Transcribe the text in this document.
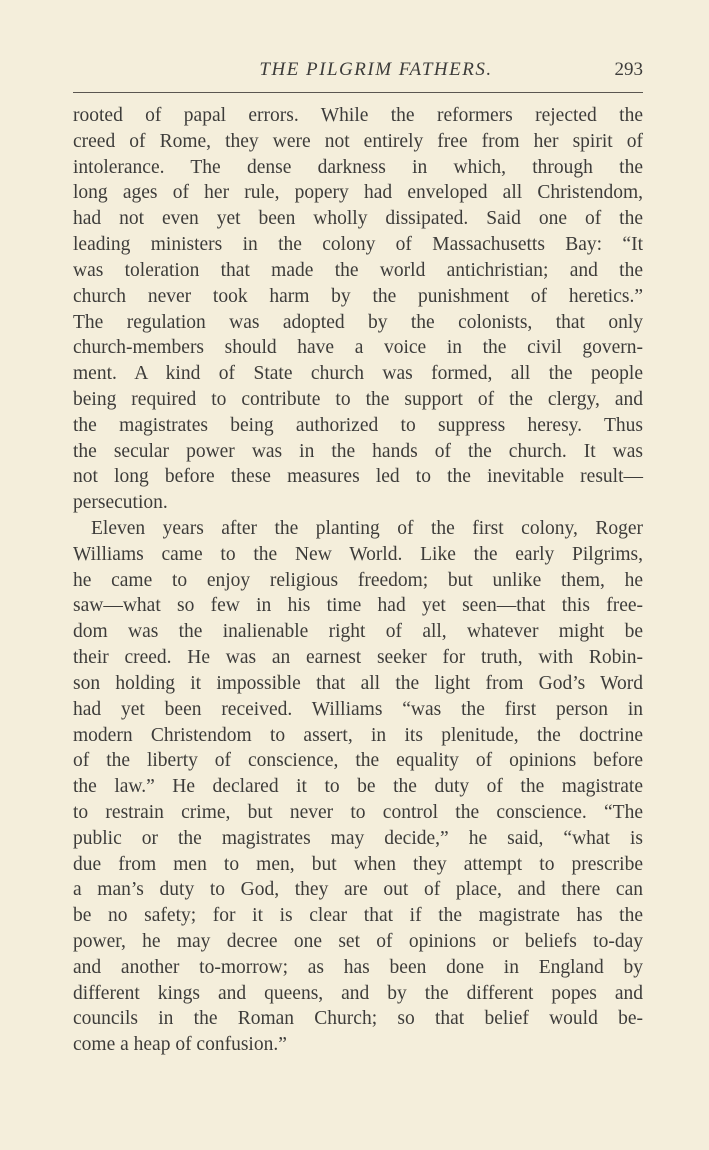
THE PILGRIM FATHERS.	293
rooted of papal errors. While the reformers rejected the
creed of Rome, they were not entirely free from her spirit of
intolerance. The dense darkness in which, through the
long ages of her rule, popery had enveloped all Christendom,
had not even yet been wholly dissipated. Said one of the
leading ministers in the colony of Massachusetts Bay: “It
was toleration that made the world antichristian; and the
church never took harm by the punishment of heretics.”
The regulation was adopted by the colonists, that only
church-members should have a voice in the civil govern-
ment. A kind of State church was formed, all the people
being required to contribute to the support of the clergy, and
the magistrates being authorized to suppress heresy. Thus
the secular power was in the hands of the church. It was
not long before these measures led to the inevitable result—
persecution.
Eleven years after the planting of the first colony, Roger
Williams came to the New World. Like the early Pilgrims,
he came to enjoy religious freedom; but unlike them, he
saw—what so few in his time had yet seen—that this free-
dom was the inalienable right of all, whatever might be
their creed. He was an earnest seeker for truth, with Robin-
son holding it impossible that all the light from God’s Word
had yet been received. Williams “was the first person in
modern Christendom to assert, in its plenitude, the doctrine
of the liberty of conscience, the equality of opinions before
the law.” He declared it to be the duty of the magistrate
to restrain crime, but never to control the conscience. “The
public or the magistrates may decide,” he said, “what is
due from men to men, but when they attempt to prescribe
a man’s duty to God, they are out of place, and there can
be no safety; for it is clear that if the magistrate has the
power, he may decree one set of opinions or beliefs to-day
and another to-morrow; as has been done in England by
different kings and queens, and by the different popes and
councils in the Roman Church; so that belief would be-
come a heap of confusion.”
